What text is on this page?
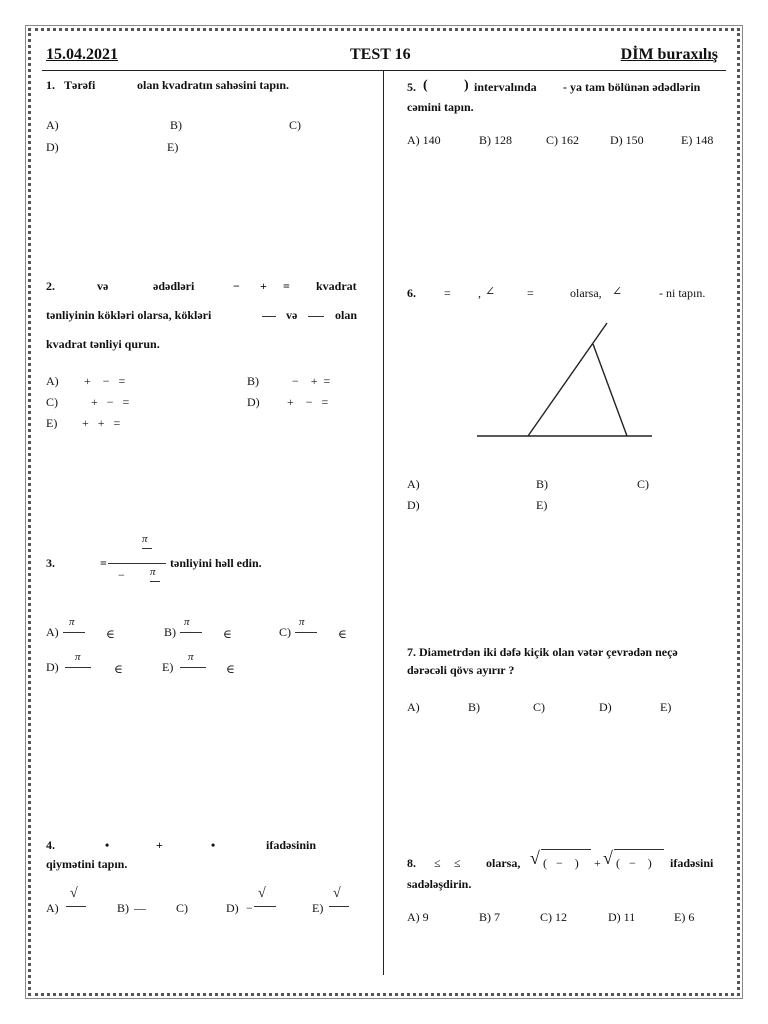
15.04.2021	TEST 16	DİM buraxılış
1. Tərəfi	olan kvadratın sahəsini tapın.
A)	B)	C)
D)	E)
2.	və	ədədləri	− + = kvadrat
tənliyinin kökləri olarsa, kökləri	və	olan
kvadrat tənliyi qurun.
A) +    −   =	B)	−    +  =
C)	+   −   =	D) +    −   =
E) +   +   =
3.	=
π
− π
tənliyini həll edin.
A)
π
∈	B)
π
∈	C)
π
∈
D)
π
∈	E)
π
∈
4.	•	+	•	ifadəsinin
qiymətini tapın.
A)
√
B) —	C)	D) −
√
E)
√
5. (	) intervalında - ya tam bölünən ədədlərin
cəmini tapın.
A) 140	B) 128	C) 162	D) 150	E) 148
6. = , ∠	=	olarsa, ∠	- ni tapın.
A)	B)	C)
D)	E)
7. Diametrdən iki dəfə kiçik olan vətər çevrədən neçə
dərəcəli qövs ayırır ?
A)	B)	C)	D)	E)
8. ≤ ≤ olarsa, √ (   −    ) + √ (   −    ) ifadəsini
sadələşdirin.
A) 9	B) 7	C) 12	D) 11	E) 6
